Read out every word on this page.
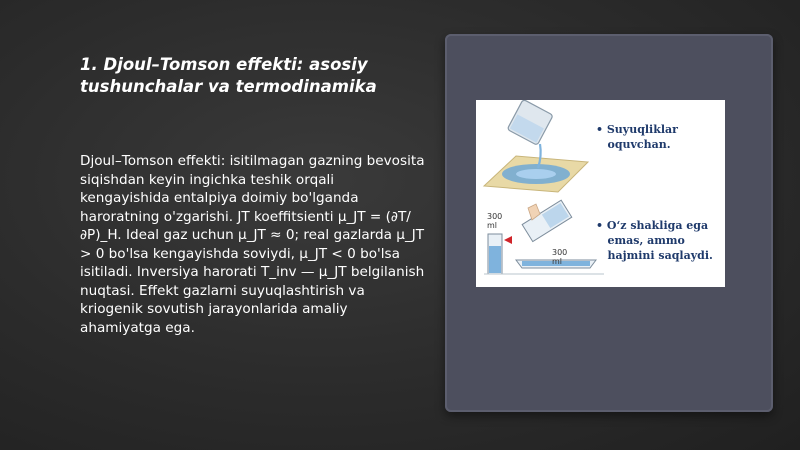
1. Djoul–Tomson effekti: asosiy tushunchalar va termodinamika

Djoul–Tomson effekti: isitilmagan gazning bevosita siqishdan keyin ingichka teshik orqali kengayishida entalpiya doimiy bo'lganda haroratning o'zgarishi. JT koeffitsienti μ_JT = (∂T/∂P)_H. Ideal gaz uchun μ_JT ≈ 0; real gazlarda μ_JT > 0 bo'lsa kengayishda soviydi, μ_JT < 0 bo'lsa isitiladi. Inversiya harorati T_inv — μ_JT belgilanish nuqtasi. Effekt gazlarni suyuqlashtirish va kriogenik sovutish jarayonlarida amaliy ahamiyatga ega.

• Suyuqliklar
oquvchan.
• O‘z shakliga ega
emas, ammo
hajmini saqlaydi.
300
ml
300
ml
